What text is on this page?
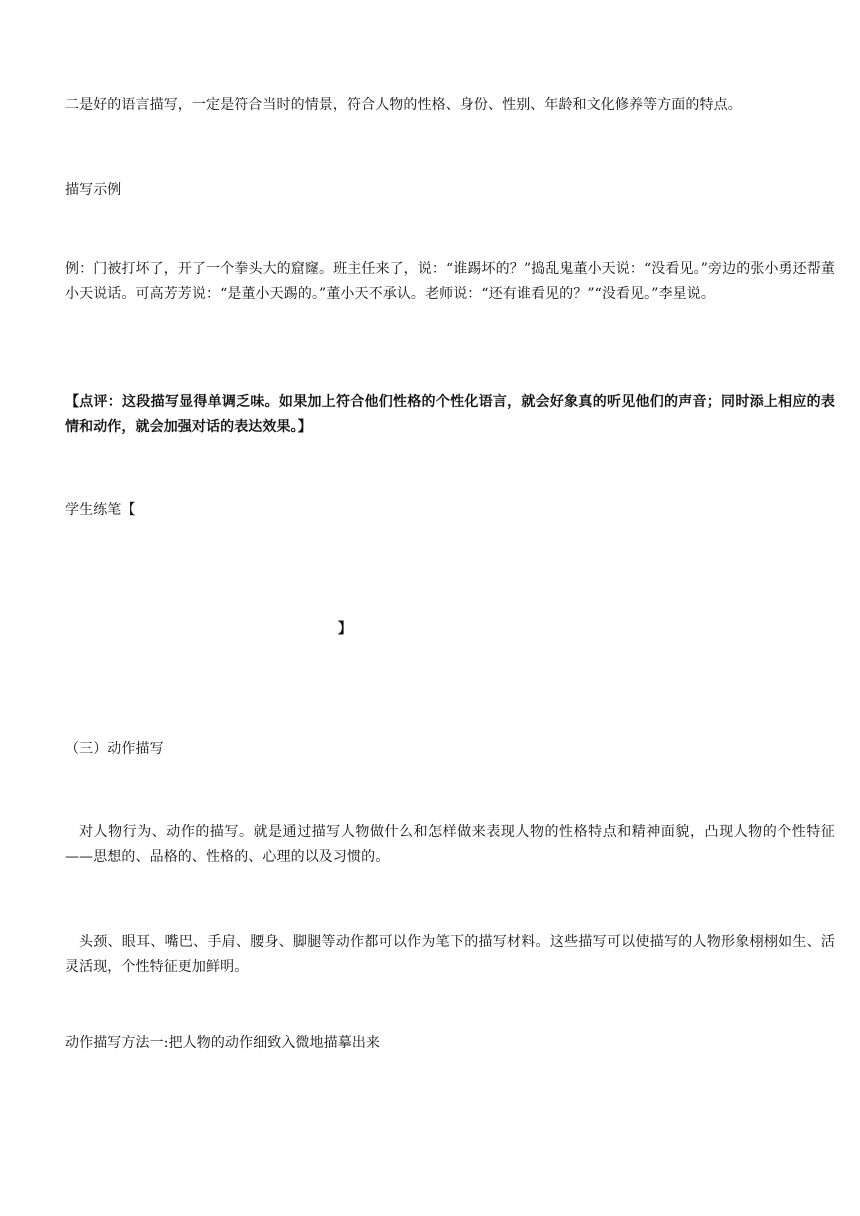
二是好的语言描写，一定是符合当时的情景，符合人物的性格、身份、性别、年龄和文化修养等方面的特点。

描写示例

例：门被打坏了，开了一个拳头大的窟窿。班主任来了，说：“谁踢坏的？”捣乱鬼董小天说：“没看见。”旁边的张小勇还帮董小天说话。可高芳芳说：“是董小天踢的。”董小天不承认。老师说：“还有谁看见的？”“没看见。”李星说。

【点评：这段描写显得单调乏味。如果加上符合他们性格的个性化语言，就会好象真的听见他们的声音；同时添上相应的表情和动作，就会加强对话的表达效果。】

学生练笔【

】

（三）动作描写

对人物行为、动作的描写。就是通过描写人物做什么和怎样做来表现人物的性格特点和精神面貌，凸现人物的个性特征——思想的、品格的、性格的、心理的以及习惯的。

头颈、眼耳、嘴巴、手肩、腰身、脚腿等动作都可以作为笔下的描写材料。这些描写可以使描写的人物形象栩栩如生、活灵活现，个性特征更加鲜明。

动作描写方法一:把人物的动作细致入微地描摹出来
